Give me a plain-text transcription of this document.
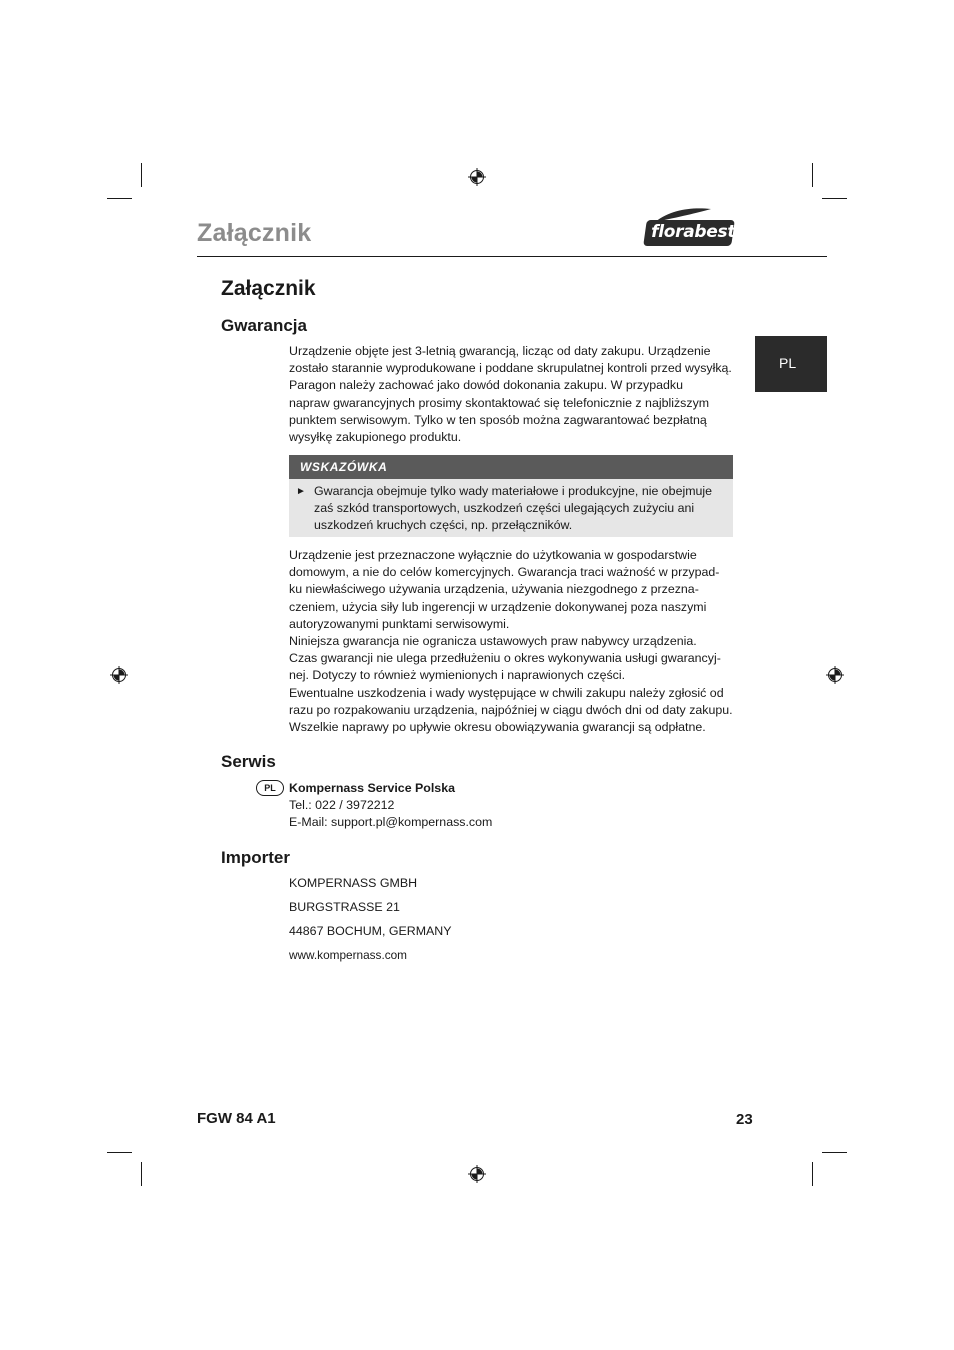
Załącznik	florabest
PL
Załącznik
Gwarancja
Urządzenie objęte jest 3-letnią gwarancją, licząc od daty zakupu. Urządzenie
zostało starannie wyprodukowane i poddane skrupulatnej kontroli przed wysyłką.
Paragon należy zachować jako dowód dokonania zakupu. W przypadku
napraw gwarancyjnych prosimy skontaktować się telefonicznie z najbliższym
punktem serwisowym. Tylko w ten sposób można zagwarantować bezpłatną
wysyłkę zakupionego produktu.
WSKAZÓWKA
► Gwarancja obejmuje tylko wady materiałowe i produkcyjne, nie obejmuje
zaś szkód transportowych, uszkodzeń części ulegających zużyciu ani
uszkodzeń kruchych części, np. przełączników.
Urządzenie jest przeznaczone wyłącznie do użytkowania w gospodarstwie
domowym, a nie do celów komercyjnych. Gwarancja traci ważność w przypad-
ku niewłaściwego używania urządzenia, używania niezgodnego z przezna-
czeniem, użycia siły lub ingerencji w urządzenie dokonywanej poza naszymi
autoryzowanymi punktami serwisowymi.
Niniejsza gwarancja nie ogranicza ustawowych praw nabywcy urządzenia.
Czas gwarancji nie ulega przedłużeniu o okres wykonywania usługi gwarancyj-
nej. Dotyczy to również wymienionych i naprawionych części.
Ewentualne uszkodzenia i wady występujące w chwili zakupu należy zgłosić od
razu po rozpakowaniu urządzenia, najpóźniej w ciągu dwóch dni od daty zakupu.
Wszelkie naprawy po upływie okresu obowiązywania gwarancji są odpłatne.
Serwis
PL	Kompernass Service Polska
Tel.: 022 / 3972212
E-Mail: support.pl@kompernass.com
Importer
KOMPERNASS GMBH
BURGSTRASSE 21
44867 BOCHUM, GERMANY
www.kompernass.com
FGW 84 A1	23
